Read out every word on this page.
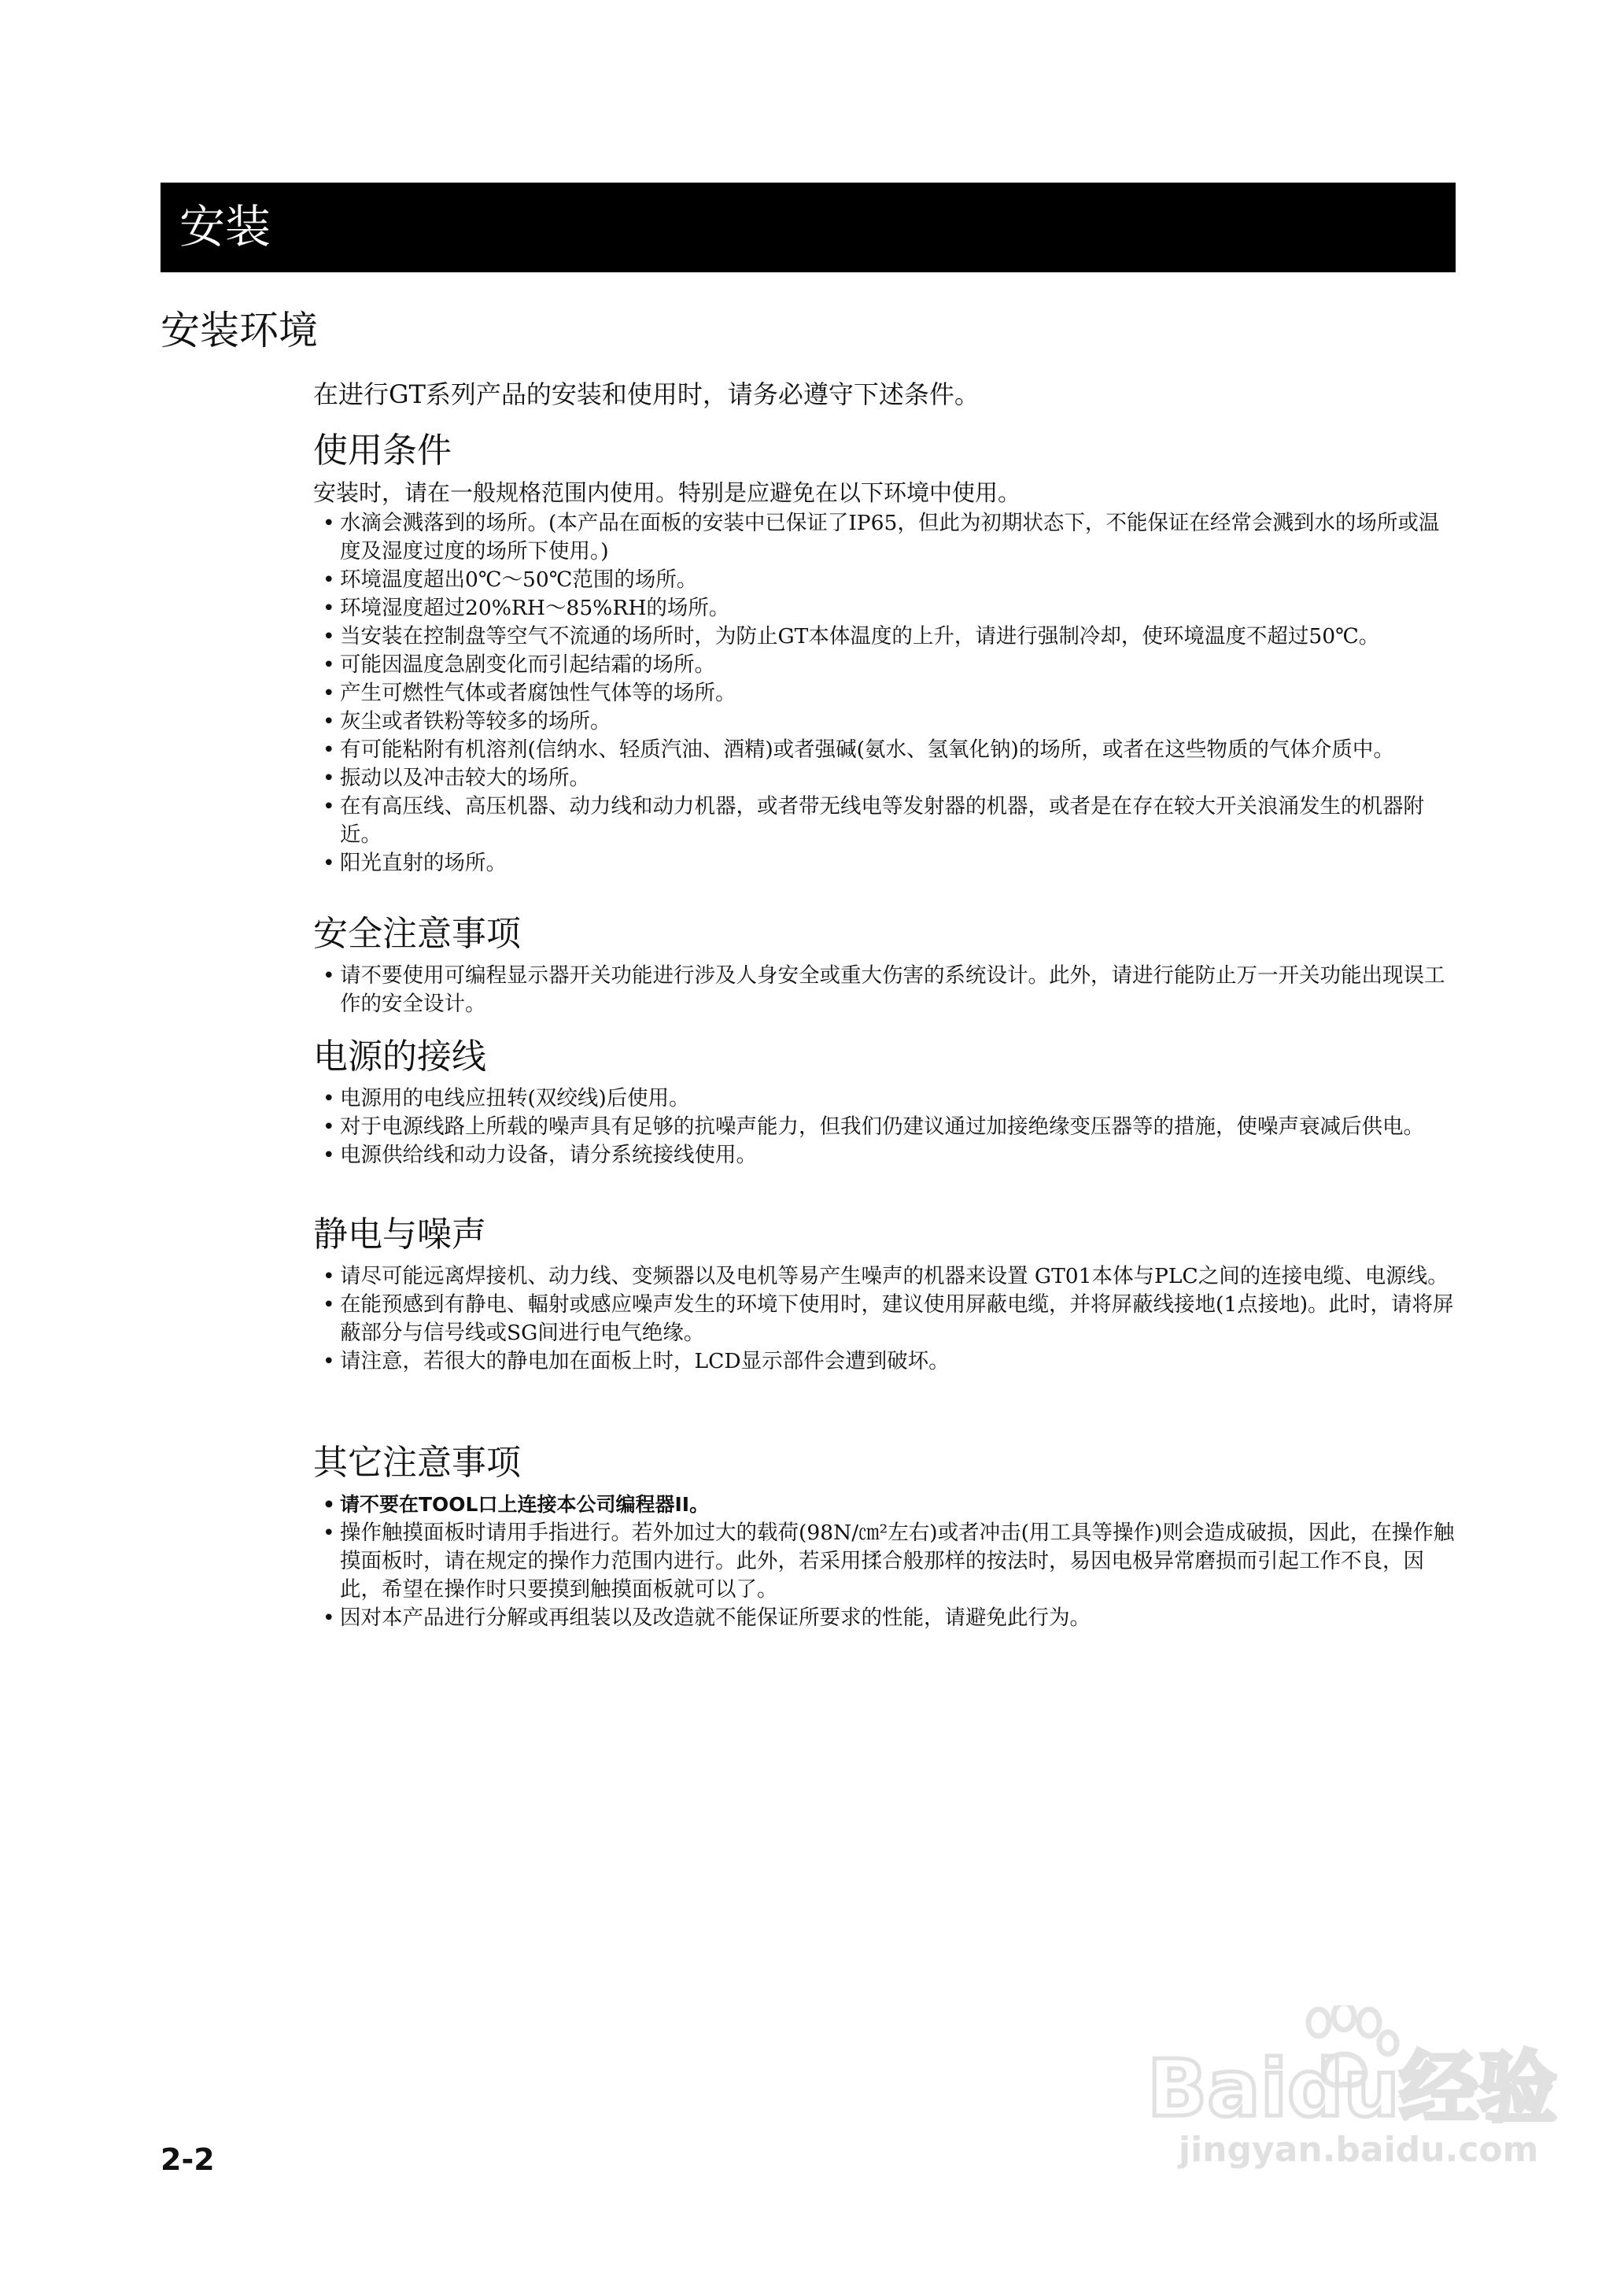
安装
安装环境
在进行GT系列产品的安装和使用时，请务必遵守下述条件。
使用条件
安装时，请在一般规格范围内使用。特别是应避免在以下环境中使用。

• 水滴会溅落到的场所。(本产品在面板的安装中已保证了IP65，但此为初期状态下，不能保证在经常会溅到水的场所或温度及湿度过度的场所下使用。)

• 环境温度超出0℃～50℃范围的场所。

• 环境湿度超过20%RH～85%RH的场所。

• 当安装在控制盘等空气不流通的场所时，为防止GT本体温度的上升，请进行强制冷却，使环境温度不超过50℃。

• 可能因温度急剧变化而引起结霜的场所。

• 产生可燃性气体或者腐蚀性气体等的场所。

• 灰尘或者铁粉等较多的场所。

• 有可能粘附有机溶剂(信纳水、轻质汽油、酒精)或者强碱(氨水、氢氧化钠)的场所，或者在这些物质的气体介质中。

• 振动以及冲击较大的场所。

• 在有高压线、高压机器、动力线和动力机器，或者带无线电等发射器的机器，或者是在存在较大开关浪涌发生的机器附近。

• 阳光直射的场所。

安全注意事项

• 请不要使用可编程显示器开关功能进行涉及人身安全或重大伤害的系统设计。此外，请进行能防止万一开关功能出现误工作的安全设计。

电源的接线

• 电源用的电线应扭转(双绞线)后使用。

• 对于电源线路上所载的噪声具有足够的抗噪声能力，但我们仍建议通过加接绝缘变压器等的措施，使噪声衰减后供电。

• 电源供给线和动力设备，请分系统接线使用。

静电与噪声

• 请尽可能远离焊接机、动力线、变频器以及电机等易产生噪声的机器来设置 GT01本体与PLC之间的连接电缆、电源线。

• 在能预感到有静电、輻射或感应噪声发生的环境下使用时，建议使用屏蔽电缆，并将屏蔽线接地(1点接地)。此时，请将屏蔽部分与信号线或SG间进行电气绝缘。

• 请注意，若很大的静电加在面板上时，LCD显示部件会遭到破坏。

其它注意事项

• 请不要在TOOL口上连接本公司编程器II。

• 操作触摸面板时请用手指进行。若外加过大的载荷(98N/㎝²左右)或者冲击(用工具等操作)则会造成破损，因此，在操作触摸面板时，请在规定的操作力范围内进行。此外，若采用揉合般那样的按法时，易因电极异常磨损而引起工作不良，因此，希望在操作时只要摸到触摸面板就可以了。

• 因对本产品进行分解或再组装以及改造就不能保证所要求的性能，请避免此行为。

2-2
Baidu经验
jingyan.baidu.com
